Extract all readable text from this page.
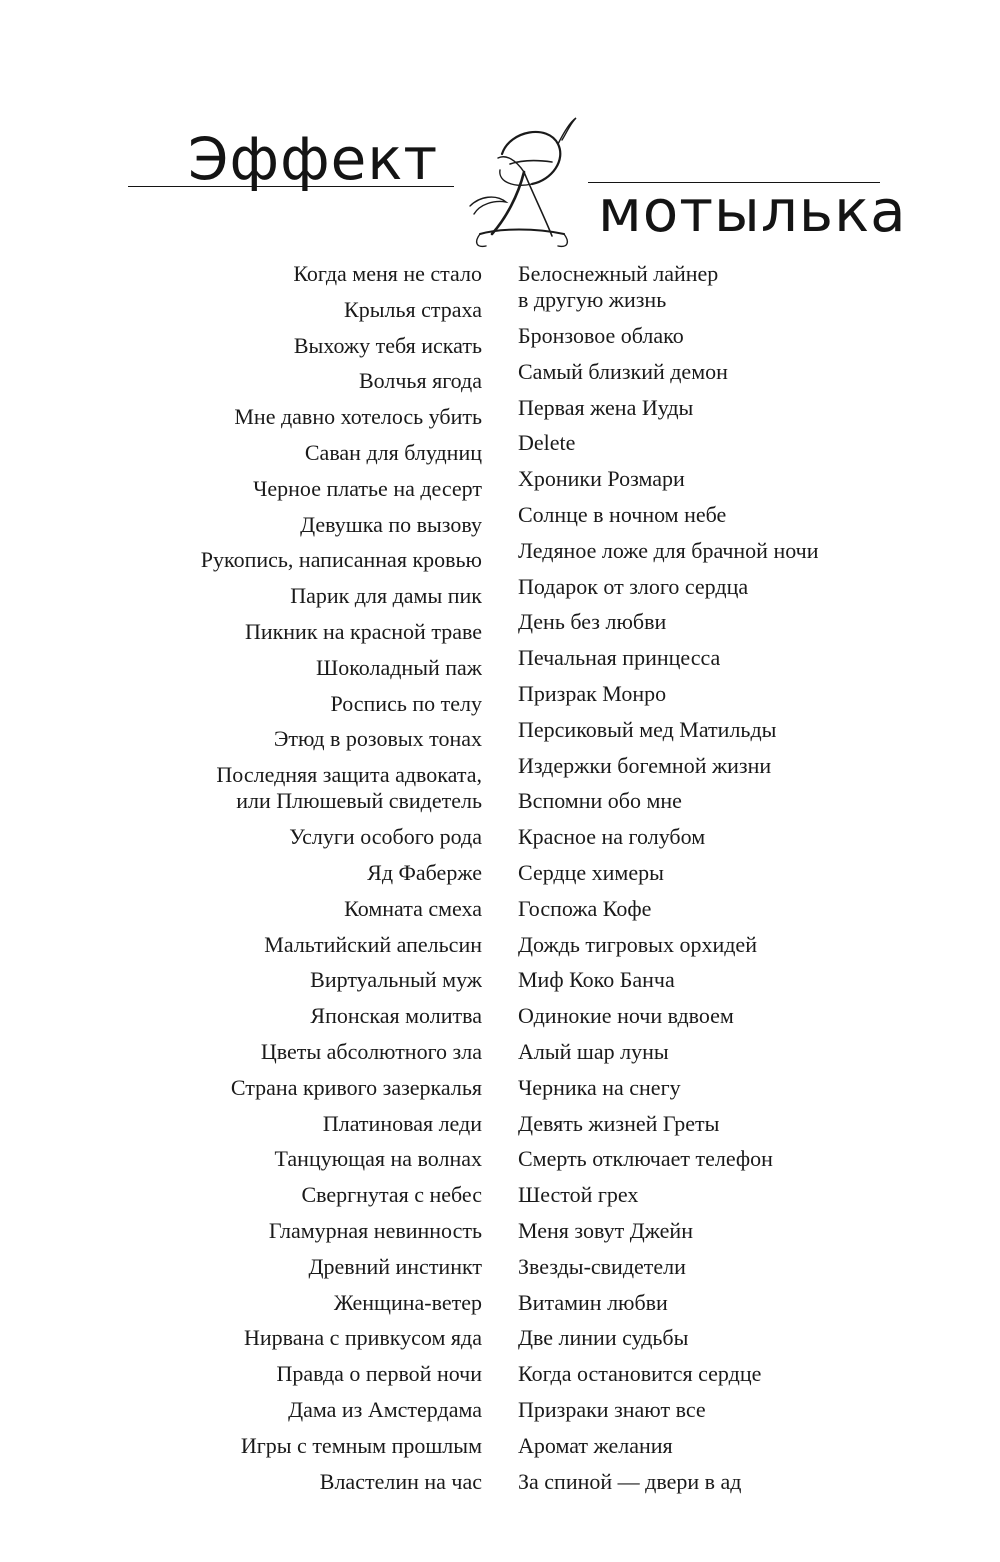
Эффект
мотылька
Когда меня не стало
Крылья страха
Выхожу тебя искать
Волчья ягода
Мне давно хотелось убить
Саван для блудниц
Черное платье на десерт
Девушка по вызову
Рукопись, написанная кровью
Парик для дамы пик
Пикник на красной траве
Шоколадный паж
Роспись по телу
Этюд в розовых тонах
Последняя защита адвоката,
или Плюшевый свидетель
Услуги особого рода
Яд Фаберже
Комната смеха
Мальтийский апельсин
Виртуальный муж
Японская молитва
Цветы абсолютного зла
Страна кривого зазеркалья
Платиновая леди
Танцующая на волнах
Свергнутая с небес
Гламурная невинность
Древний инстинкт
Женщина-ветер
Нирвана с привкусом яда
Правда о первой ночи
Дама из Амстердама
Игры с темным прошлым
Властелин на час
Белоснежный лайнер
в другую жизнь
Бронзовое облако
Самый близкий демон
Первая жена Иуды
Delete
Хроники Розмари
Солнце в ночном небе
Ледяное ложе для брачной ночи
Подарок от злого сердца
День без любви
Печальная принцесса
Призрак Монро
Персиковый мед Матильды
Издержки богемной жизни
Вспомни обо мне
Красное на голубом
Сердце химеры
Госпожа Кофе
Дождь тигровых орхидей
Миф Коко Банча
Одинокие ночи вдвоем
Алый шар луны
Черника на снегу
Девять жизней Греты
Смерть отключает телефон
Шестой грех
Меня зовут Джейн
Звезды-свидетели
Витамин любви
Две линии судьбы
Когда остановится сердце
Призраки знают все
Аромат желания
За спиной — двери в ад
